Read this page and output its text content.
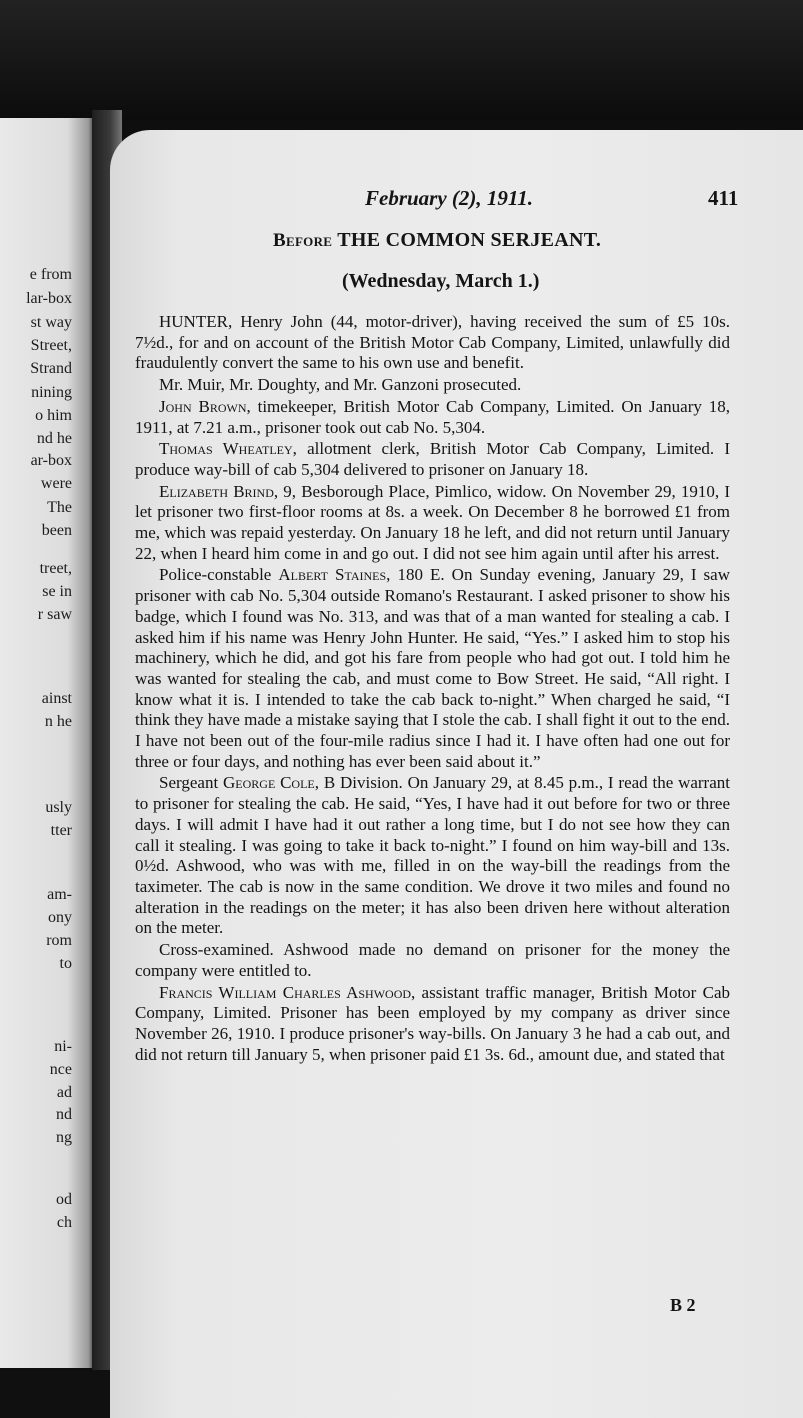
e from
lar-box
st way
Street,
Strand
nining
o him
nd he
ar-box
were
The
been
treet,
se in
r saw
ainst
n he
usly
tter
am-
ony
rom
to
ni-
nce
ad
nd
ng
od
ch
February (2), 1911.	411
Before THE COMMON SERJEANT.
(Wednesday, March 1.)

HUNTER, Henry John (44, motor-driver), having received the sum of £5 10s. 7½d., for and on account of the British Motor Cab Company, Limited, unlawfully did fraudulently convert the same to his own use and benefit.

Mr. Muir, Mr. Doughty, and Mr. Ganzoni prosecuted.

John Brown, timekeeper, British Motor Cab Company, Limited. On January 18, 1911, at 7.21 a.m., prisoner took out cab No. 5,304.

Thomas Wheatley, allotment clerk, British Motor Cab Company, Limited. I produce way-bill of cab 5,304 delivered to prisoner on January 18.

Elizabeth Brind, 9, Besborough Place, Pimlico, widow. On November 29, 1910, I let prisoner two first-floor rooms at 8s. a week. On December 8 he borrowed £1 from me, which was repaid yesterday. On January 18 he left, and did not return until January 22, when I heard him come in and go out. I did not see him again until after his arrest.

Police-constable Albert Staines, 180 E. On Sunday evening, January 29, I saw prisoner with cab No. 5,304 outside Romano's Restaurant. I asked prisoner to show his badge, which I found was No. 313, and was that of a man wanted for stealing a cab. I asked him if his name was Henry John Hunter. He said, “Yes.” I asked him to stop his machinery, which he did, and got his fare from people who had got out. I told him he was wanted for stealing the cab, and must come to Bow Street. He said, “All right. I know what it is. I intended to take the cab back to-night.” When charged he said, “I think they have made a mistake saying that I stole the cab. I shall fight it out to the end. I have not been out of the four-mile radius since I had it. I have often had one out for three or four days, and nothing has ever been said about it.”

Sergeant George Cole, B Division. On January 29, at 8.45 p.m., I read the warrant to prisoner for stealing the cab. He said, “Yes, I have had it out before for two or three days. I will admit I have had it out rather a long time, but I do not see how they can call it stealing. I was going to take it back to-night.” I found on him way-bill and 13s. 0½d. Ashwood, who was with me, filled in on the way-bill the readings from the taximeter. The cab is now in the same condition. We drove it two miles and found no alteration in the readings on the meter; it has also been driven here without alteration on the meter.

Cross-examined. Ashwood made no demand on prisoner for the money the company were entitled to.

Francis William Charles Ashwood, assistant traffic manager, British Motor Cab Company, Limited. Prisoner has been employed by my company as driver since November 26, 1910. I produce prisoner's way-bills. On January 3 he had a cab out, and did not return till January 5, when prisoner paid £1 3s. 6d., amount due, and stated that

B 2
